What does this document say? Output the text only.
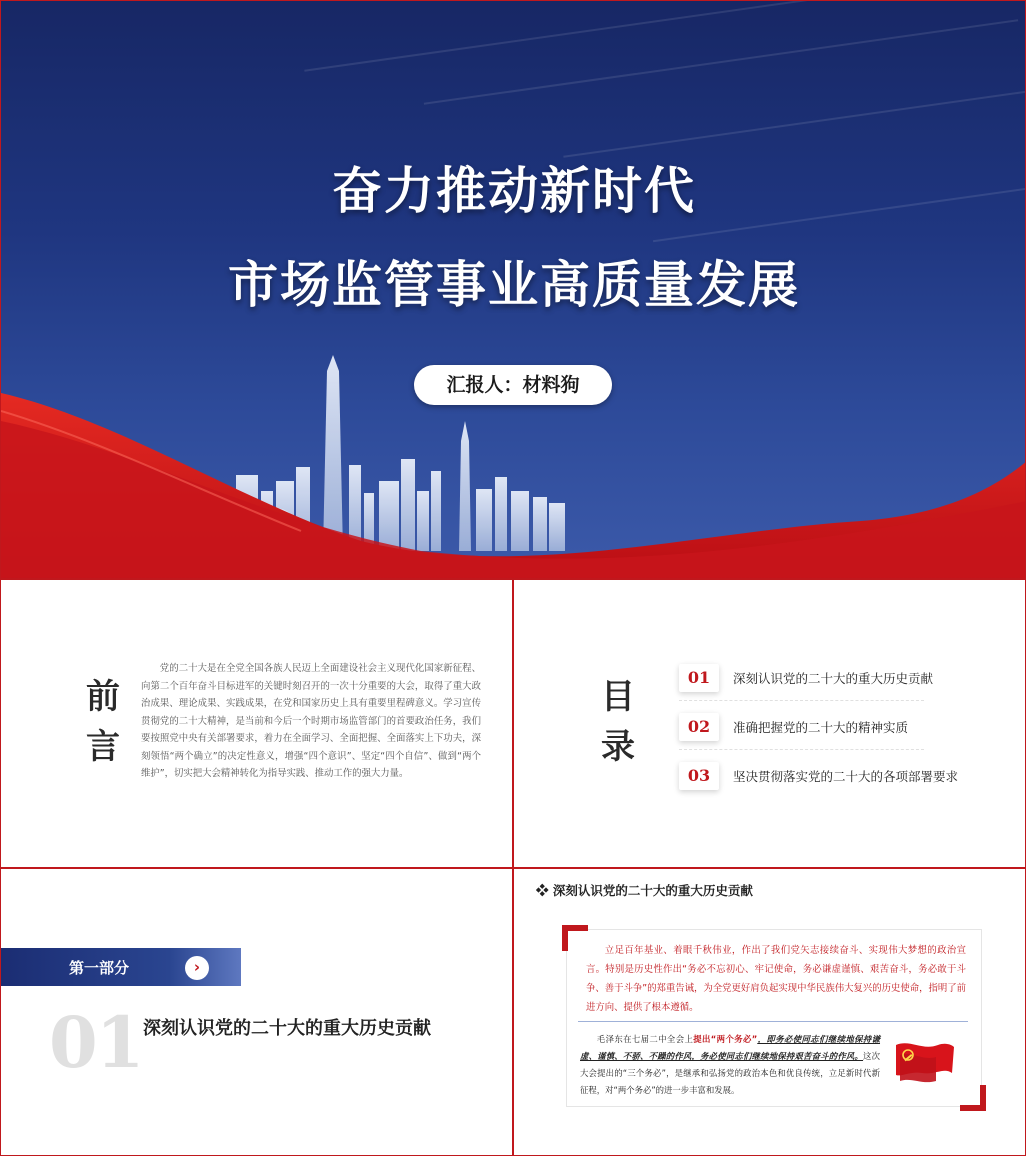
奋力推动新时代
市场监管事业高质量发展
汇报人：材料狗
前
言
党的二十大是在全党全国各族人民迈上全面建设社会主义现代化国家新征程、向第二个百年奋斗目标进军的关键时刻召开的一次十分重要的大会，取得了重大政治成果、理论成果、实践成果，在党和国家历史上具有重要里程碑意义。学习宣传贯彻党的二十大精神，是当前和今后一个时期市场监管部门的首要政治任务，我们要按照党中央有关部署要求，着力在全面学习、全面把握、全面落实上下功夫，深刻领悟“两个确立”的决定性意义，增强“四个意识”、坚定“四个自信”、做到“两个维护”，切实把大会精神转化为指导实践、推动工作的强大力量。
目
录
01	深刻认识党的二十大的重大历史贡献
02	准确把握党的二十大的精神实质
03	坚决贯彻落实党的二十大的各项部署要求
第一部分	›
01 深刻认识党的二十大的重大历史贡献
❖ 深刻认识党的二十大的重大历史贡献
立足百年基业、着眼千秋伟业，作出了我们党矢志接续奋斗、实现伟大梦想的政治宣言。特别是历史性作出“务必不忘初心、牢记使命，务必谦虚谨慎、艰苦奋斗，务必敢于斗争、善于斗争”的郑重告诫，为全党更好肩负起实现中华民族伟大复兴的历史使命，指明了前进方向、提供了根本遵循。
毛泽东在七届二中全会上提出“两个务必”，即务必使同志们继续地保持谦虚、谨慎、不骄、不躁的作风，务必使同志们继续地保持艰苦奋斗的作风。这次大会提出的“三个务必”，是继承和弘扬党的政治本色和优良传统，立足新时代新征程，对“两个务必”的进一步丰富和发展。
